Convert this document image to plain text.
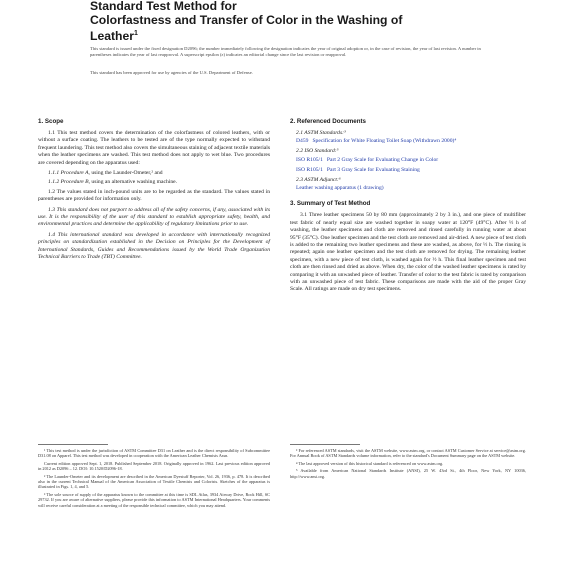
Standard Test Method for

Colorfastness and Transfer of Color in the Washing of

Leather$^1$

This standard is issued under the fixed designation D2096; the number immediately following the designation indicates the year of original adoption or, in the case of revision, the year of last revision. A number in parentheses indicates the year of last reapproval. A superscript epsilon (ε) indicates an editorial change since the last revision or reapproval.
This standard has been approved for use by agencies of the U.S. Department of Defense.

1. Scope

1.1 This test method covers the determination of the colorfastness of colored leathers, with or without a surface coating. The leathers to be tested are of the type normally expected to withstand frequent laundering. This test method also covers the simultaneous staining of adjacent textile materials when the leather specimens are washed. This test method does not apply to wet blue. Two procedures are covered depending on the apparatus used:

1.1.1 Procedure A, using the Launder-Ometer,² and

1.1.2 Procedure B, using an alternative washing machine.

1.2 The values stated in inch-pound units are to be regarded as the standard. The values stated in parentheses are provided for information only.

1.3 This standard does not purport to address all of the safety concerns, if any, associated with its use. It is the responsibility of the user of this standard to establish appropriate safety, health, and environmental practices and determine the applicability of regulatory limitations prior to use.

1.4 This international standard was developed in accordance with internationally recognized principles on standardization established in the Decision on Principles for the Development of International Standards, Guides and Recommendations issued by the World Trade Organization Technical Barriers to Trade (TBT) Committee.

2. Referenced Documents

2.1 ASTM Standards:³

D459 Specification for White Floating Toilet Soap (Withdrawn 2000)⁴

2.2 ISO Standard:⁵

ISO R105/1 Part 2 Gray Scale for Evaluating Change in Color

ISO R105/1 Part 3 Gray Scale for Evaluating Staining

2.3 ASTM Adjunct:⁶

Leather washing apparatus (1 drawing)

3. Summary of Test Method

3.1 Three leather specimens 50 by 80 mm (approximately 2 by 3 in.), and one piece of multifiber test fabric of nearly equal size are washed together in soapy water at 120°F (49°C). After ½ h of washing, the leather specimens and cloth are removed and rinsed carefully in running water at about 95°F (35°C). One leather specimen and the test cloth are removed and air-dried. A new piece of test cloth is added to the remaining two leather specimens and these are washed, as above, for ½ h. The rinsing is repeated; again one leather specimen and the test cloth are removed for drying. The remaining leather specimen, with a new piece of test cloth, is washed again for ½ h. This final leather specimen and test cloth are then rinsed and dried as above. When dry, the color of the washed leather specimens is rated by comparing it with an unwashed piece of leather. Transfer of color to the test fabric is rated by comparison with an unwashed piece of test fabric. These comparisons are made with the aid of the proper Gray Scale. All ratings are made on dry test specimens.

¹ This test method is under the jurisdiction of ASTM Committee D31 on Leather and is the direct responsibility of Subcommittee D31.08 on Apparel. This test method was developed in cooperation with the American Leather Chemists Assn.

Current edition approved Sept. 1, 2018. Published September 2018. Originally approved in 1962. Last previous edition approved in 2012 as D2096 – 12. DOI: 10.1520/D2096-18.

² The Launder-Ometer and its development are described in the American Dyestuff Reporter, Vol. 26, 1936, p. 478. It is described also in the current Technical Manual of the American Association of Textile Chemists and Colorists. Sketches of the apparatus is illustrated in Figs. 1, 4, and 5.

³ The sole source of supply of the apparatus known to the committee at this time is SDL Atlas, 3934 Airway Drive, Rock Hill, SC 29732. If you are aware of alternative suppliers, please provide this information to ASTM International Headquarters. Your comments will receive careful consideration at a meeting of the responsible technical committee, which you may attend.

³ For referenced ASTM standards, visit the ASTM website, www.astm.org, or contact ASTM Customer Service at service@astm.org. For Annual Book of ASTM Standards volume information, refer to the standard's Document Summary page on the ASTM website.

⁴ The last approved version of this historical standard is referenced on www.astm.org.

⁵ Available from American National Standards Institute (ANSI), 25 W. 43rd St., 4th Floor, New York, NY 10036, http://www.ansi.org.
